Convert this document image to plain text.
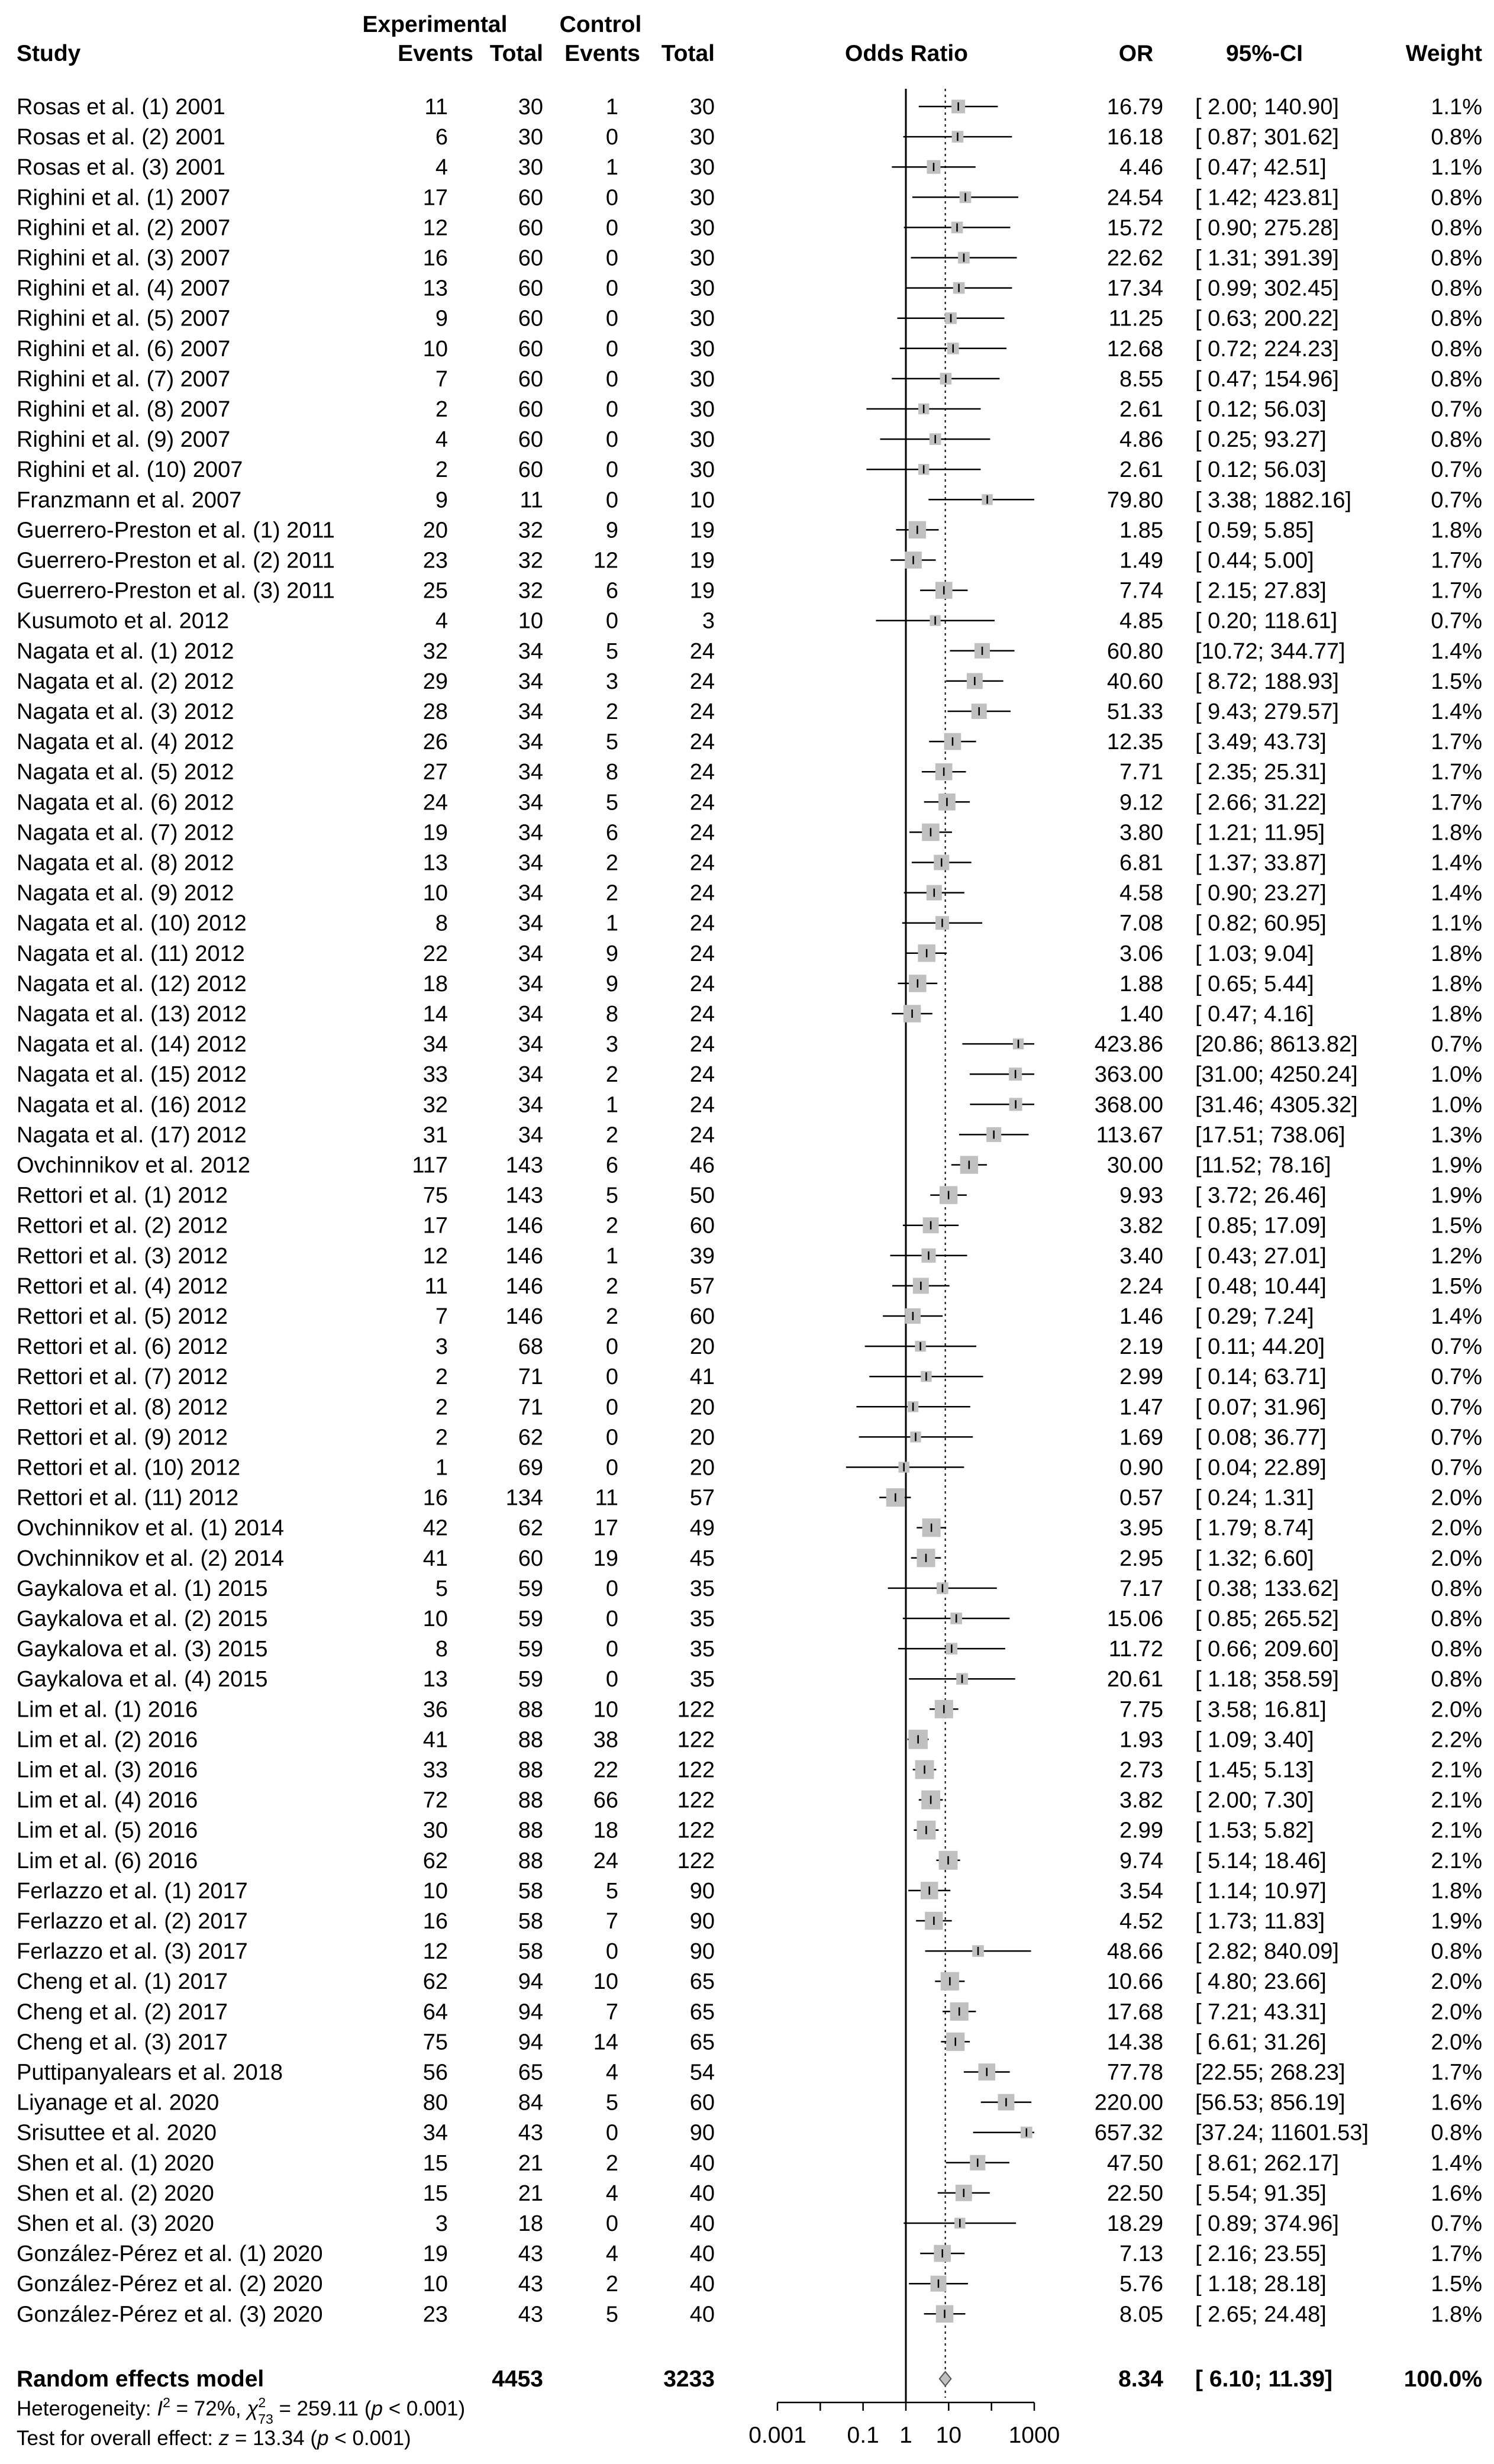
Study
Experimental
Events Total
Control
Events Total	Odds Ratio	OR	95%-CI	Weight
Rosas et al. (1) 2001	11	30	1	30	16.79 [ 2.00; 140.90]	1.1%
Rosas et al. (2) 2001	6	30	0	30	16.18 [ 0.87; 301.62]	0.8%
Rosas et al. (3) 2001	4	30	1	30	4.46 [ 0.47; 42.51]	1.1%
Righini et al. (1) 2007	17	60	0	30	24.54 [ 1.42; 423.81]	0.8%
Righini et al. (2) 2007	12	60	0	30	15.72 [ 0.90; 275.28]	0.8%
Righini et al. (3) 2007	16	60	0	30	22.62 [ 1.31; 391.39]	0.8%
Righini et al. (4) 2007	13	60	0	30	17.34 [ 0.99; 302.45]	0.8%
Righini et al. (5) 2007	9	60	0	30	11.25 [ 0.63; 200.22]	0.8%
Righini et al. (6) 2007	10	60	0	30	12.68 [ 0.72; 224.23]	0.8%
Righini et al. (7) 2007	7	60	0	30	8.55 [ 0.47; 154.96]	0.8%
Righini et al. (8) 2007	2	60	0	30	2.61 [ 0.12; 56.03]	0.7%
Righini et al. (9) 2007	4	60	0	30	4.86 [ 0.25; 93.27]	0.8%
Righini et al. (10) 2007	2	60	0	30	2.61 [ 0.12; 56.03]	0.7%
Franzmann et al. 2007	9	11	0	10	79.80 [ 3.38; 1882.16]	0.7%
Guerrero-Preston et al. (1) 2011	20	32	9	19	1.85 [ 0.59; 5.85]	1.8%
Guerrero-Preston et al. (2) 2011	23	32 12	19	1.49 [ 0.44; 5.00]	1.7%
Guerrero-Preston et al. (3) 2011	25	32	6	19	7.74 [ 2.15; 27.83]	1.7%
Kusumoto et al. 2012	4	10	0	3	4.85 [ 0.20; 118.61]	0.7%
Nagata et al. (1) 2012	32	34	5	24	60.80 [10.72; 344.77]	1.4%
Nagata et al. (2) 2012	29	34	3	24	40.60 [ 8.72; 188.93]	1.5%
Nagata et al. (3) 2012	28	34	2	24	51.33 [ 9.43; 279.57]	1.4%
Nagata et al. (4) 2012	26	34	5	24	12.35 [ 3.49; 43.73]	1.7%
Nagata et al. (5) 2012	27	34	8	24	7.71 [ 2.35; 25.31]	1.7%
Nagata et al. (6) 2012	24	34	5	24	9.12 [ 2.66; 31.22]	1.7%
Nagata et al. (7) 2012	19	34	6	24	3.80 [ 1.21; 11.95]	1.8%
Nagata et al. (8) 2012	13	34	2	24	6.81 [ 1.37; 33.87]	1.4%
Nagata et al. (9) 2012	10	34	2	24	4.58 [ 0.90; 23.27]	1.4%
Nagata et al. (10) 2012	8	34	1	24	7.08 [ 0.82; 60.95]	1.1%
Nagata et al. (11) 2012	22	34	9	24	3.06 [ 1.03; 9.04]	1.8%
Nagata et al. (12) 2012	18	34	9	24	1.88 [ 0.65; 5.44]	1.8%
Nagata et al. (13) 2012	14	34	8	24	1.40 [ 0.47; 4.16]	1.8%
Nagata et al. (14) 2012	34	34	3	24	423.86 [20.86; 8613.82]	0.7%
Nagata et al. (15) 2012	33	34	2	24	363.00 [31.00; 4250.24]	1.0%
Nagata et al. (16) 2012	32	34	1	24	368.00 [31.46; 4305.32]	1.0%
Nagata et al. (17) 2012	31	34	2	24	113.67 [17.51; 738.06]	1.3%
Ovchinnikov et al. 2012	117	143	6	46	30.00 [11.52; 78.16]	1.9%
Rettori et al. (1) 2012	75	143	5	50	9.93 [ 3.72; 26.46]	1.9%
Rettori et al. (2) 2012	17	146	2	60	3.82 [ 0.85; 17.09]	1.5%
Rettori et al. (3) 2012	12	146	1	39	3.40 [ 0.43; 27.01]	1.2%
Rettori et al. (4) 2012	11	146	2	57	2.24 [ 0.48; 10.44]	1.5%
Rettori et al. (5) 2012	7	146	2	60	1.46 [ 0.29; 7.24]	1.4%
Rettori et al. (6) 2012	3	68	0	20	2.19 [ 0.11; 44.20]	0.7%
Rettori et al. (7) 2012	2	71	0	41	2.99 [ 0.14; 63.71]	0.7%
Rettori et al. (8) 2012	2	71	0	20	1.47 [ 0.07; 31.96]	0.7%
Rettori et al. (9) 2012	2	62	0	20	1.69 [ 0.08; 36.77]	0.7%
Rettori et al. (10) 2012	1	69	0	20	0.90 [ 0.04; 22.89]	0.7%
Rettori et al. (11) 2012	16	134 11	57	0.57 [ 0.24; 1.31]	2.0%
Ovchinnikov et al. (1) 2014	42	62 17	49	3.95 [ 1.79; 8.74]	2.0%
Ovchinnikov et al. (2) 2014	41	60 19	45	2.95 [ 1.32; 6.60]	2.0%
Gaykalova et al. (1) 2015	5	59	0	35	7.17 [ 0.38; 133.62]	0.8%
Gaykalova et al. (2) 2015	10	59	0	35	15.06 [ 0.85; 265.52]	0.8%
Gaykalova et al. (3) 2015	8	59	0	35	11.72 [ 0.66; 209.60]	0.8%
Gaykalova et al. (4) 2015	13	59	0	35	20.61 [ 1.18; 358.59]	0.8%
Lim et al. (1) 2016	36	88 10	122	7.75 [ 3.58; 16.81]	2.0%
Lim et al. (2) 2016	41	88 38	122	1.93 [ 1.09; 3.40]	2.2%
Lim et al. (3) 2016	33	88 22	122	2.73 [ 1.45; 5.13]	2.1%
Lim et al. (4) 2016	72	88 66	122	3.82 [ 2.00; 7.30]	2.1%
Lim et al. (5) 2016	30	88 18	122	2.99 [ 1.53; 5.82]	2.1%
Lim et al. (6) 2016	62	88 24	122	9.74 [ 5.14; 18.46]	2.1%
Ferlazzo et al. (1) 2017	10	58	5	90	3.54 [ 1.14; 10.97]	1.8%
Ferlazzo et al. (2) 2017	16	58	7	90	4.52 [ 1.73; 11.83]	1.9%
Ferlazzo et al. (3) 2017	12	58	0	90	48.66 [ 2.82; 840.09]	0.8%
Cheng et al. (1) 2017	62	94 10	65	10.66 [ 4.80; 23.66]	2.0%
Cheng et al. (2) 2017	64	94	7	65	17.68 [ 7.21; 43.31]	2.0%
Cheng et al. (3) 2017	75	94 14	65	14.38 [ 6.61; 31.26]	2.0%
Puttipanyalears et al. 2018	56	65	4	54	77.78 [22.55; 268.23]	1.7%
Liyanage et al. 2020	80	84	5	60	220.00 [56.53; 856.19]	1.6%
Srisuttee et al. 2020	34	43	0	90	657.32 [37.24; 11601.53]	0.8%
Shen et al. (1) 2020	15	21	2	40	47.50 [ 8.61; 262.17]	1.4%
Shen et al. (2) 2020	15	21	4	40	22.50 [ 5.54; 91.35]	1.6%
Shen et al. (3) 2020	3	18	0	40	18.29 [ 0.89; 374.96]	0.7%
González-Pérez et al. (1) 2020	19	43	4	40	7.13 [ 2.16; 23.55]	1.7%
González-Pérez et al. (2) 2020	10	43	2	40	5.76 [ 1.18; 28.18]	1.5%
González-Pérez et al. (3) 2020	23	43	5	40	8.05 [ 2.65; 24.48]	1.8%
Random effects model	4453	3233	8.34 [ 6.10; 11.39]	100.0%
Heterogeneity: $I^2 = 72\%$, $\chi^2$ 73 = 259.11 (p < 0.001)
Test for overall effect: z = 13.34 (p < 0.001)	0.001 0.1 1 10 1000
